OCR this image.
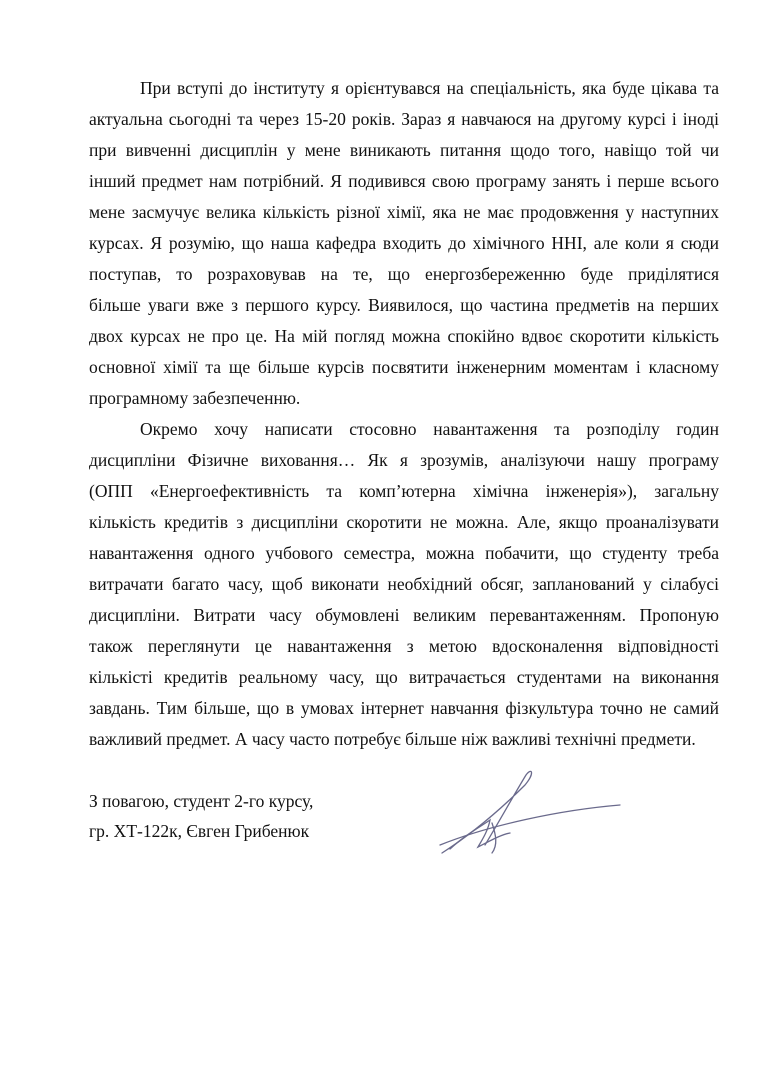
При вступі до інституту я орієнтувався на спеціальність, яка буде цікава та
актуальна сьогодні та через 15-20 років. Зараз я навчаюся на другому курсі і іноді
при вивченні дисциплін у мене виникають питання щодо того, навіщо той чи
інший предмет нам потрібний. Я подивився свою програму занять і перше всього
мене засмучує велика кількість різної хімії, яка не має продовження у наступних
курсах. Я розумію, що наша кафедра входить до хімічного ННІ, але коли я сюди
поступав, то розраховував на те, що енергозбереженню буде приділятися
більше уваги вже з першого курсу. Виявилося, що частина предметів на перших
двох курсах не про це. На мій погляд можна спокійно вдвоє скоротити кількість
основної хімії та ще більше курсів посвятити інженерним моментам і класному
програмному забезпеченню.
Окремо хочу написати стосовно навантаження та розподілу годин
дисципліни Фізичне виховання… Як я зрозумів, аналізуючи нашу програму
(ОПП «Енергоефективність та комп’ютерна хімічна інженерія»), загальну
кількість кредитів з дисципліни скоротити не можна. Але, якщо проаналізувати
навантаження одного учбового семестра, можна побачити, що студенту треба
витрачати багато часу, щоб виконати необхідний обсяг, запланований у сілабусі
дисципліни. Витрати часу обумовлені великим перевантаженням. Пропоную
також переглянути це навантаження з метою вдосконалення відповідності
кількісті кредитів реальному часу, що витрачається студентами на виконання
завдань. Тим більше, що в умовах інтернет навчання фізкультура точно не самий
важливий предмет. А часу часто потребує більше ніж важливі технічні предмети.
З повагою, студент 2-го курсу,
гр. ХТ-122к, Євген Грибенюк
